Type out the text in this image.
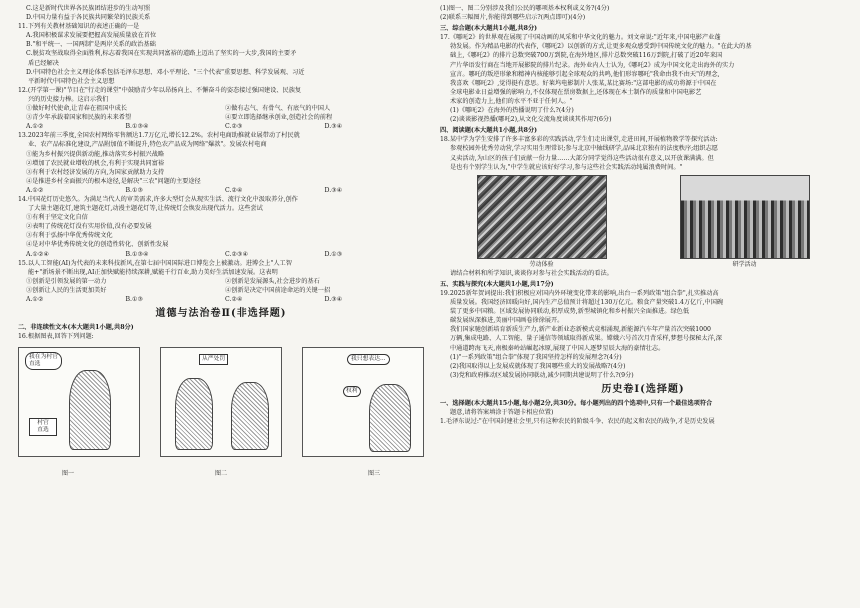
C.这是新时代世界各民族团结进步的生动写照
D.中国力量有益于各民族共同繁荣的民族关系
11.下列有关教材基础知识的表述正确的一是
A.我国积极谋求发展要把握高发展质量放在首位
B."和平统一、一国两制"是两岸关系的政治基础
C.脱贫攻坚战取得全面胜利,标志着我国在实现共同富裕的道路上迈出了坚实的一大步,我国的主要矛
盾已经解决
D.中国特色社会主义理论体系包括毛泽东思想、邓小平理论、"三个代表"重要思想、科学发展观、习近
平新时代中国特色社会主义思想
12.(开学第一课)"节目在"行走的课堂"中鼓励青少年以昂扬向上、不懈奋斗的姿态接过强国建设、民族复
兴的历史接力棒。这启示我们
①做好时代使命,让青春在祖国中成长	②做有志气、有骨气、有底气的中国人
③青少年承载着国家和民族的未来希望	④要立即选择继承创业,创造社会的前程
A.①②	B.①③④	C.②③	D.③④
13.2023年前三季度,全国农村网络零售额达1.7万亿元,增长12.2%。农村电商助推就业展带动了村民就
业、农产品标准化建设,产品附加值不断提升,特色农产品成为网络"爆款"。发展农村电商
①能为乡村振兴提供新动能,推动落实乡村振兴战略
②增加了农民就业增收的机会,有利于实现共同富裕
③有利于农村经济发展的方向,为国家贡献助力支持
④是推进乡村全面振兴的根本途径,是解决"三农"问题的主要途径
A.①②	B.①③	C.②④	D.③④
14.中国花灯历史悠久。为满足当代人的审美需求,许多大型灯会从现实生活、流行文化中汲取养分,创作
了大量主题花灯,建筑主题花灯,动漫主题花灯等,让传统灯会焕发出现代活力。这些尝试
①有利于坚定文化自信
②表明了传统花灯没有实用价值,没有必要发展
③有利于弘扬中华优秀传统文化
④是对中华优秀传统文化的创造性转化、创新性发展
A.①②④	B.①③④	C.②③④	D.①③
15.以人工智能(AI)为代表的未来科技新风,在第七届中国国际进口博览会上被激动。进博会上"人工智
能+"新场景不断出现,AI正加快赋能持续深耕,赋能千行百业,助力美好生活加速发展。这表明
①创新是引领发展的第一动力	②创新是发展源头,社会进步的基石
③创新让人民的生活更加美好	④创新是决定中国前途命运的关键一招
A.①②	B.①③	C.②④	D.③④
道德与法治卷Ⅱ(非选择题)
二、非连续性文本(本大题共1小题,共8分)
16.根据图表,回答下列问题:
我在为村官
直选
村官
直选
从严处罚	我只想表达...
权利
图一	图二	图三
(1)图一、图二分别涉及我们公民的哪项基本权利或义务?(4分)
(2)联系三幅图片,你能得到哪些启示?(两点即可)(4分)
三、综合题(本大题共1小题,共8分)
17.《哪吒2》的世界观在展现了中国动画的风采和中华文化的魅力。刘文章说:"近年来,中国电影产业蓬
勃发展。作为精品电影的代表作,《哪吒2》以创新的方式,让更多观众感受到中国传统文化的魅力。"在此大的基
础上,《哪吒2》的排片总数突破700万到院,在海外地区,排片总数突破116万到院,打破了近20年来国
产片华语发行商在当地开展影院的排片纪录。海外业内人士认为,《哪吒2》成为中国文化走出海外的实力
宣言。哪吒的叛逆形象和精神内核能够引起全球观众的共鸣,他们形容哪吒"我命由我不由天"的理念,
我喜欢《哪吒2》,觉得挺有意思。好莱坞电影制片人张某,某比赛场:"这部电影的成功将源于中国在
全球电影业日益增强的影响力,不仅体现在票房数据上,还体现在本土制作的质量和中国电影艺
术家的创造力上,他们的水平不亚于任何人。"
(1)《哪吒2》在海外的热播说明了什么?(4分)
(2)谈谈影视热播(哪吒2),从文化交流角度谈谈其作用?(6分)
四、阅读题(本大题共1小题,共8分)
18.某中学为学生安排了许多丰富多彩的实践活动,学生们走出课堂,走进田间,开展植物教学等探究活动:
参观校园外优秀劳动营,学习实用生理常识;参与北京中轴线研学,品味北京独有的法度秩序;组织志愿
义卖活动,为山区的孩子们贡献一份力量……大部分同学觉得这些活动很有意义,以开放课满满。但
是也有个别学生认为,"中学生就应该好好学习,参与这些社会实践活动纯属浪费时间。"
劳动体验	研学活动
请结合材料和所学知识,谈谈你对参与社会实践活动的看法。
五、实践与探究(本大题共1小题,共17分)
19.2025新年贺词提出:我们积极应对国内外环境变化带来的影响,出台一系列政策"组合拳",扎实推动高
质量发展。我国经济回暖向好,国内生产总值预计将超过130万亿元。粮食产量突破1.4万亿斤,中国碗
装了更多中国粮。区域发展协同联动,积厚成势,新型城镇化和乡村振兴全面推进。绿色低
碳发展纵深推进,美丽中国画卷徐徐展开。
我们国家驰创新培育新质生产力,新产业新业态新模式竞相涌现,新能源汽车年产量首次突破1000
万辆,集成电路、人工智能、量子通信等领域取得新成果。嫦娥六号首次月背采样,梦想号探秘太洋,深
中通道跨海飞天,南极秦岭站崛起冰原,展现了中国人逐梦星辰大海的豪情壮志。
(1)"一系列政策"组合拳"体现了我国坚持怎样的发展理念?(4分)
(2)我国取得以上发展成就体现了我国哪些重大的发展战略?(4分)
(3)党和政府推动区域发展协同联动,减少同期共建说明了什么?(9分)
历史卷Ⅰ(选择题)
一、选择题(本大题共15小题,每小题2分,共30分。每小题列出的四个选项中,只有一个最佳选项符合
题意,请将答案填涂于答题卡相应位置)
1.毛泽东说过:"在中国封建社会里,只有这种农民的阶级斗争、农民的起义和农民的战争,才是历史发展
